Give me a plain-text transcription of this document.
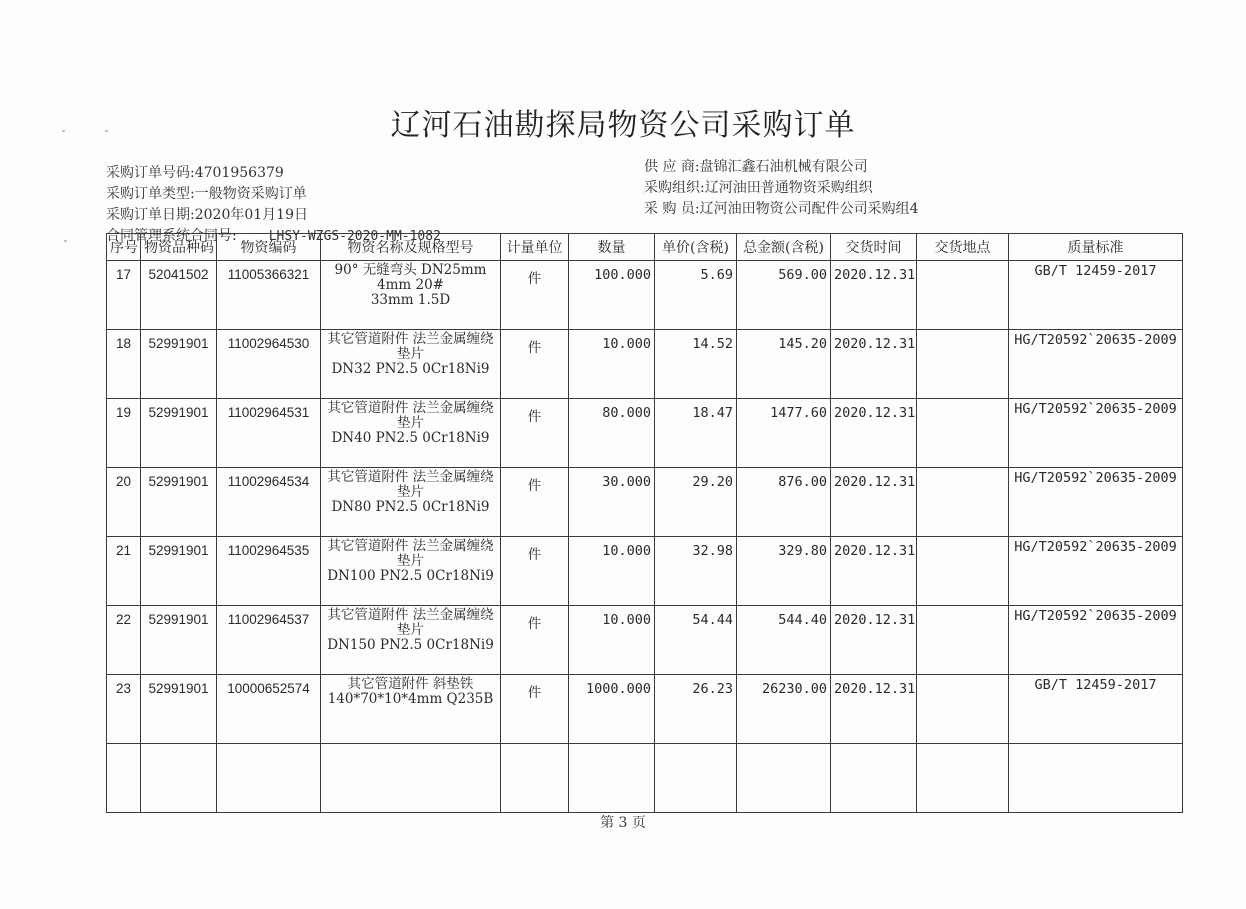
辽河石油勘探局物资公司采购订单
采购订单号码:4701956379
采购订单类型:一般物资采购订单
采购订单日期:2020年01月19日
合同管理系统合同号: LHSY-WZGS-2020-MM-1082
供 应 商:盘锦汇鑫石油机械有限公司
采购组织:辽河油田普通物资采购组织
采 购 员:辽河油田物资公司配件公司采购组4
序号	物资品种码	物资编码	物资名称及规格型号	计量单位	数量	单价(含税)	总金额(含税)	交货时间	交货地点	质量标准
17	52041502	11005366321	90° 无缝弯头 DN25mm 4mm 20#
33mm 1.5D	件	100.000	5.69	569.00	2020.12.31		GB/T 12459-2017
18	52991901	11002964530	其它管道附件 法兰金属缠绕垫片
DN32 PN2.5 0Cr18Ni9	件	10.000	14.52	145.20	2020.12.31		HG/T20592`20635-2009
19	52991901	11002964531	其它管道附件 法兰金属缠绕垫片
DN40 PN2.5 0Cr18Ni9	件	80.000	18.47	1477.60	2020.12.31		HG/T20592`20635-2009
20	52991901	11002964534	其它管道附件 法兰金属缠绕垫片
DN80 PN2.5 0Cr18Ni9	件	30.000	29.20	876.00	2020.12.31		HG/T20592`20635-2009
21	52991901	11002964535	其它管道附件 法兰金属缠绕垫片
DN100 PN2.5 0Cr18Ni9	件	10.000	32.98	329.80	2020.12.31		HG/T20592`20635-2009
22	52991901	11002964537	其它管道附件 法兰金属缠绕垫片
DN150 PN2.5 0Cr18Ni9	件	10.000	54.44	544.40	2020.12.31		HG/T20592`20635-2009
23	52991901	10000652574	其它管道附件 斜垫铁
140*70*10*4mm Q235B	件	1000.000	26.23	26230.00	2020.12.31		GB/T 12459-2017

第 3 页
